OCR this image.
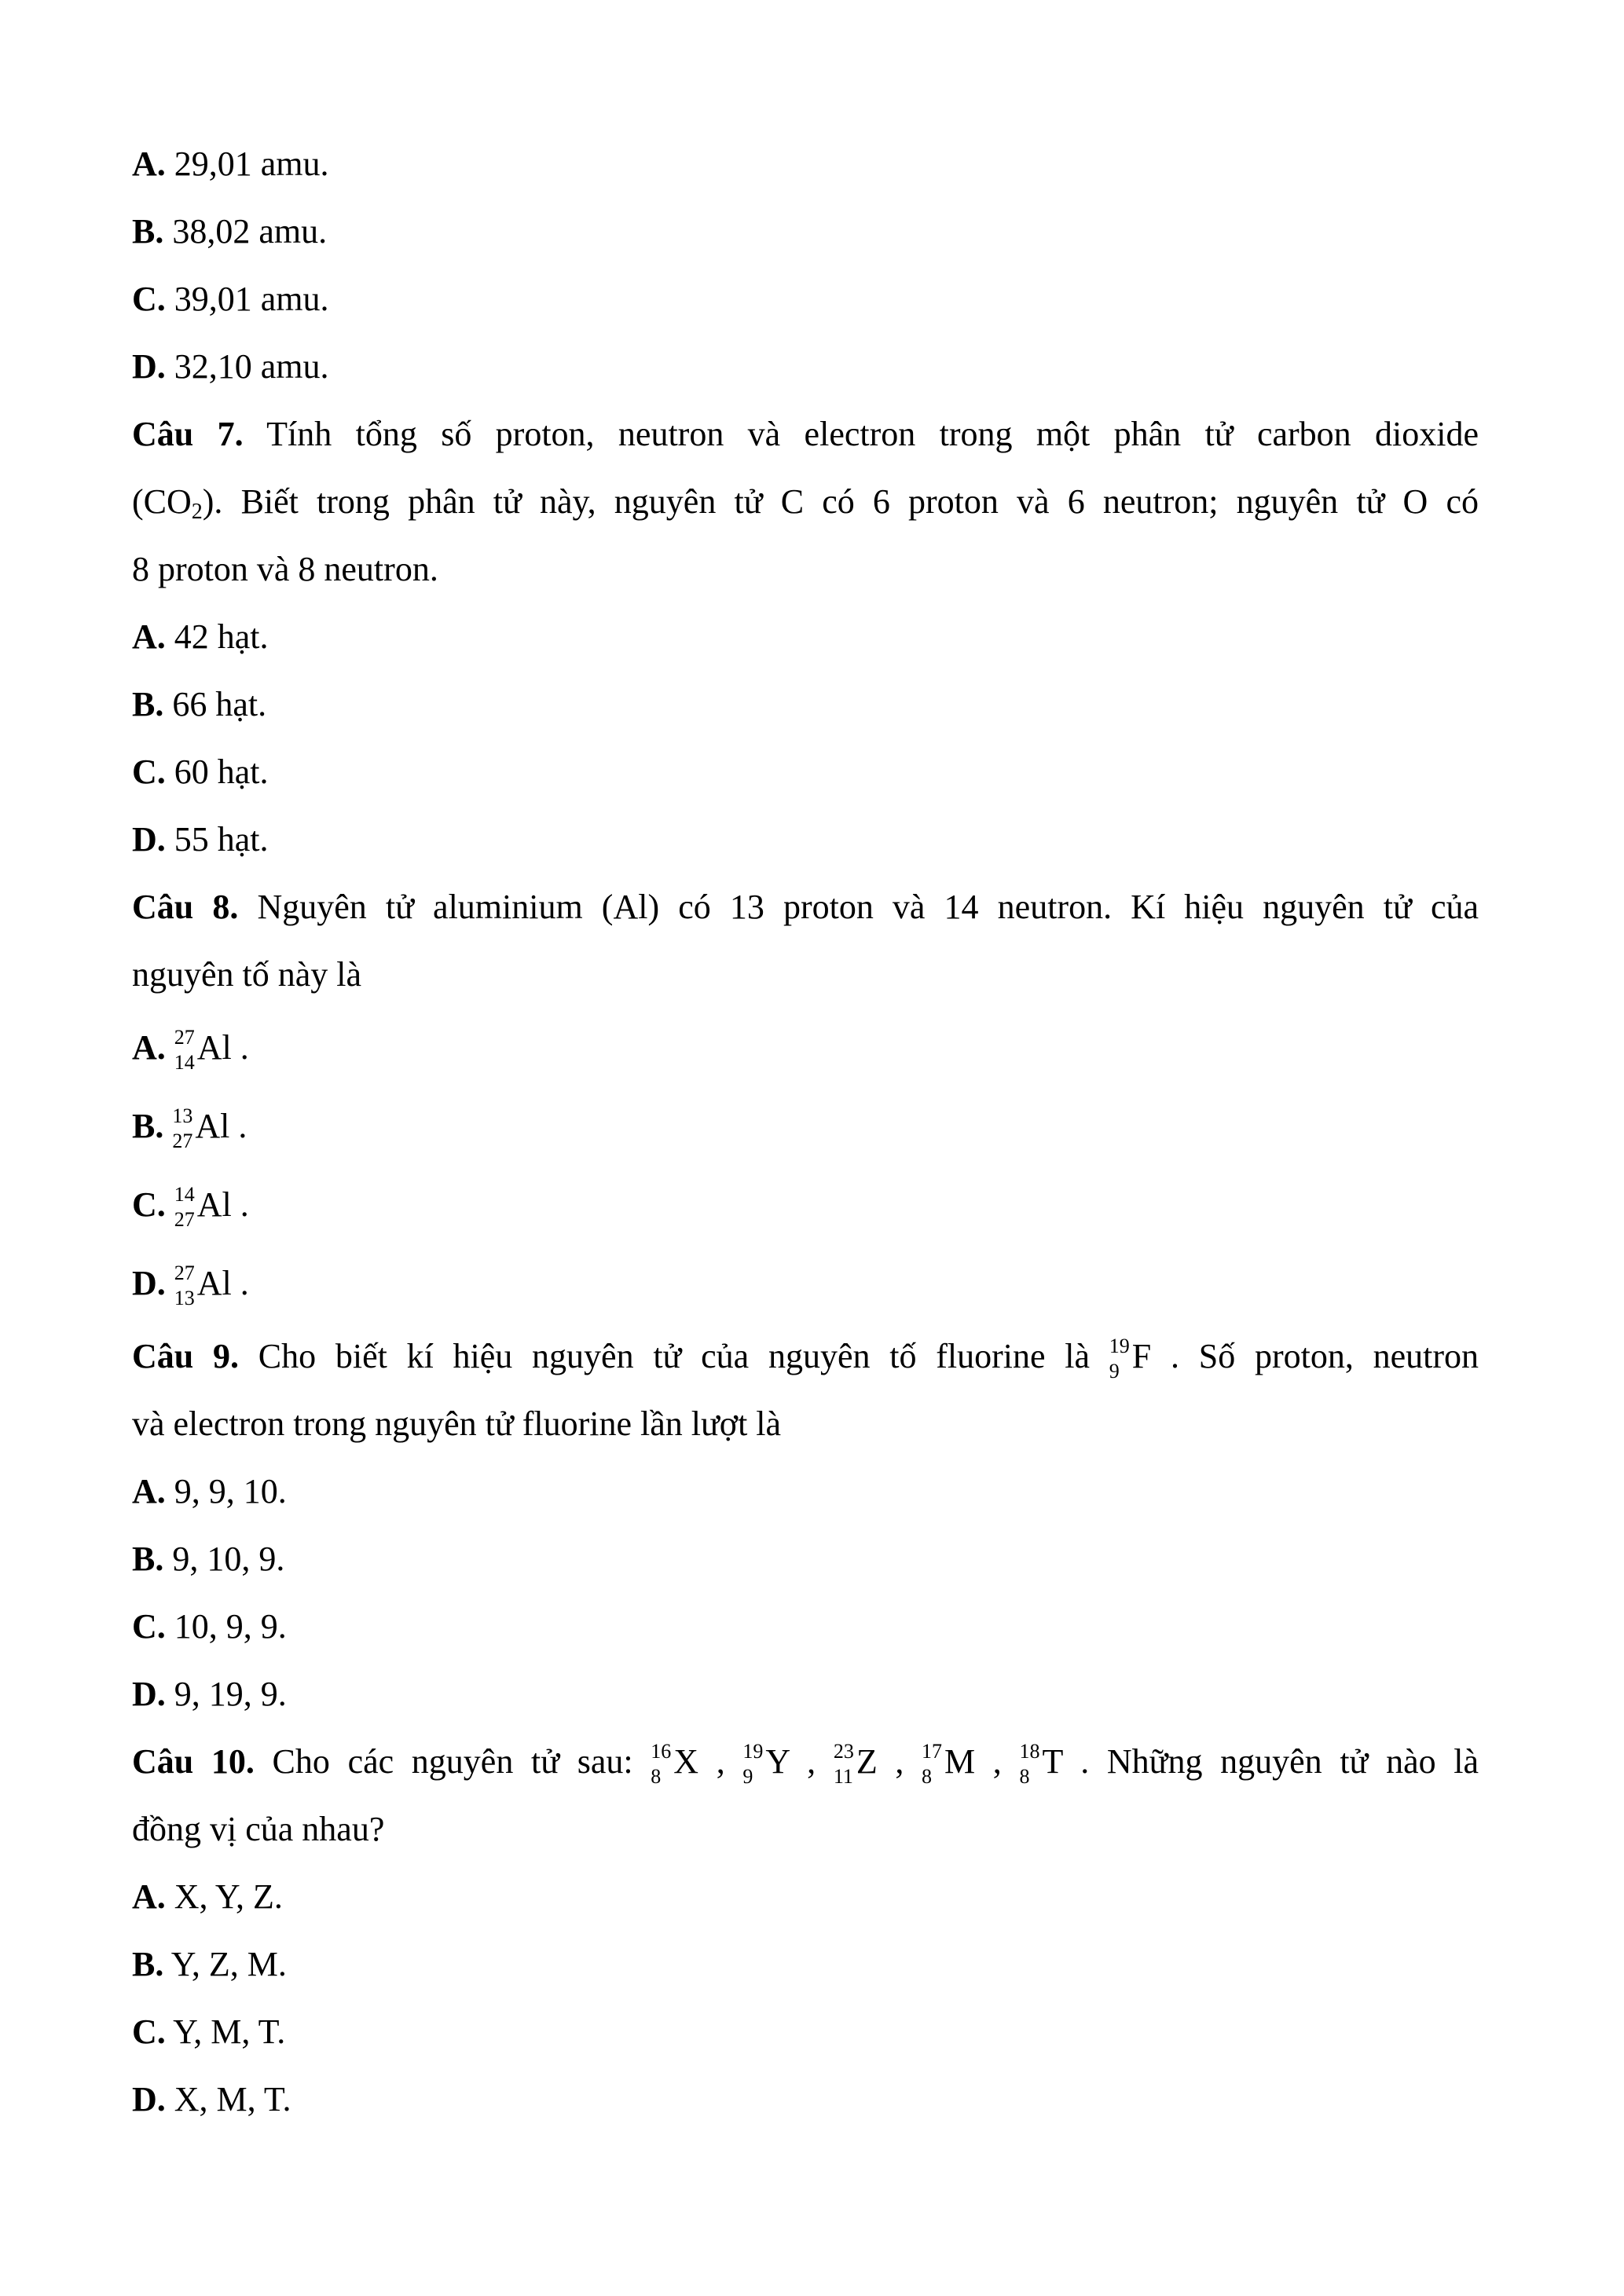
A. 29,01 amu.
B. 38,02 amu.
C. 39,01 amu.
D. 32,10 amu.
Câu 7. Tính tổng số proton, neutron và electron trong một phân tử carbon dioxide
(CO2). Biết trong phân tử này, nguyên tử C có 6 proton và 6 neutron; nguyên tử O có
8 proton và 8 neutron.
A. 42 hạt.
B. 66 hạt.
C. 60 hạt.
D. 55 hạt.
Câu 8. Nguyên tử aluminium (Al) có 13 proton và 14 neutron. Kí hiệu nguyên tử của
nguyên tố này là
A. 27
14 Al .
B. 13
27 Al .
C. 14
27 Al .
D. 27
13 Al .
Câu 9. Cho biết kí hiệu nguyên tử của nguyên tố fluorine là 19
9 F . Số proton, neutron
và electron trong nguyên tử fluorine lần lượt là
A. 9, 9, 10.
B. 9, 10, 9.
C. 10, 9, 9.
D. 9, 19, 9.
Câu 10. Cho các nguyên tử sau: 16
8 X , 19
9 Y , 23
11 Z , 17
8 M , 18
8 T . Những nguyên tử nào là
đồng vị của nhau?
A. X, Y, Z.
B. Y, Z, M.
C. Y, M, T.
D. X, M, T.
